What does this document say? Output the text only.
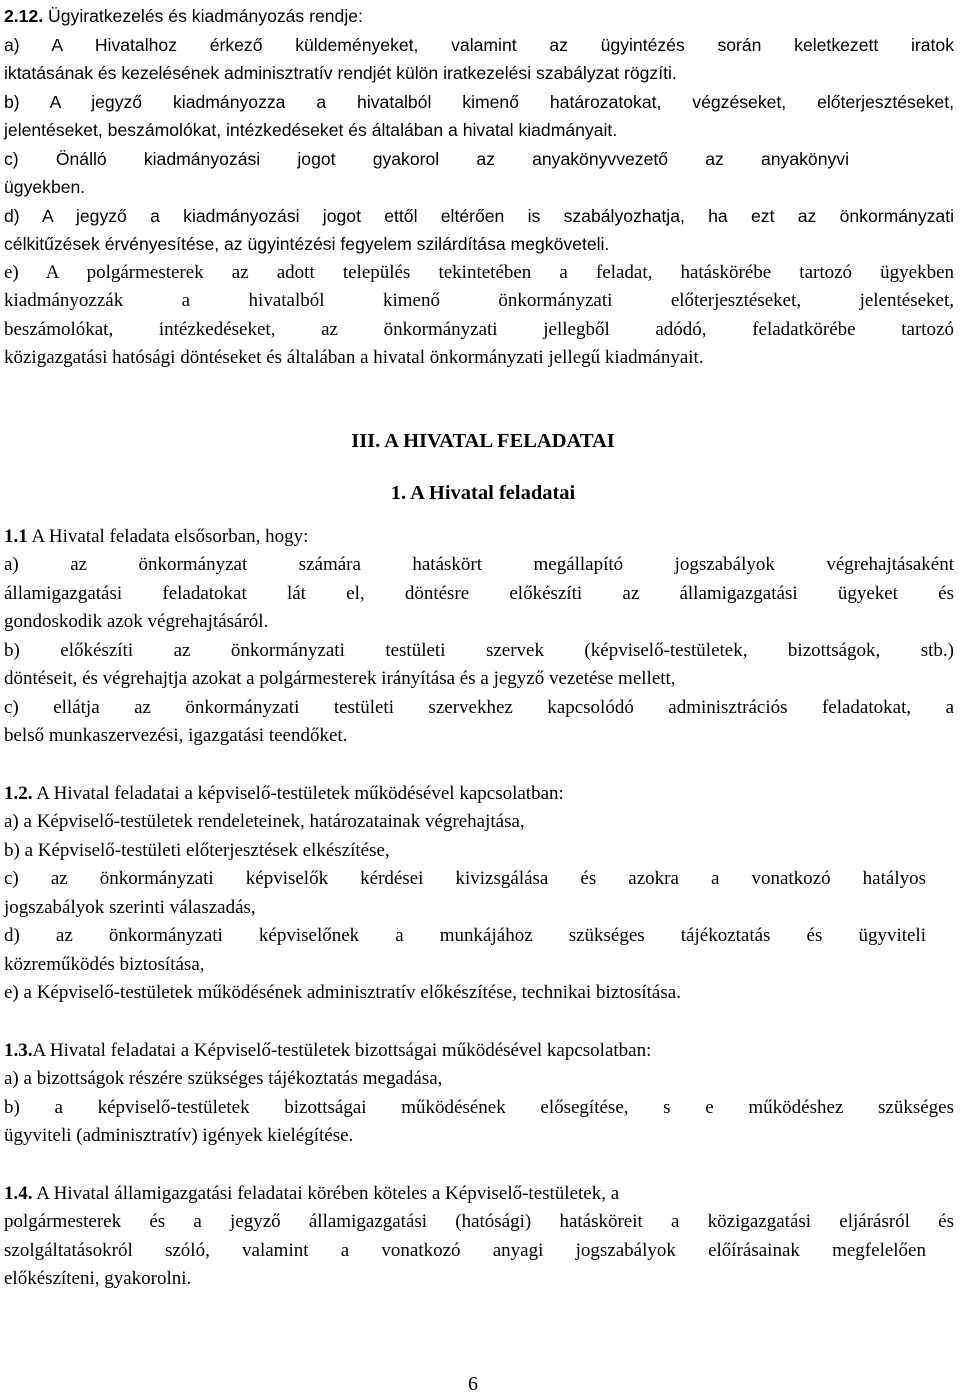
2.12. Ügyiratkezelés és kiadmányozás rendje:

a) A Hivatalhoz érkező küldeményeket, valamint az ügyintézés során keletkezett iratok

iktatásának és kezelésének adminisztratív rendjét külön iratkezelési szabályzat rögzíti.

b) A jegyző kiadmányozza a hivatalból kimenő határozatokat, végzéseket, előterjesztéseket,

jelentéseket, beszámolókat, intézkedéseket és általában a hivatal kiadmányait.

c) Önálló kiadmányozási jogot gyakorol az anyakönyvvezető az anyakönyvi

ügyekben.

d) A jegyző a kiadmányozási jogot ettől eltérően is szabályozhatja, ha ezt az önkormányzati

célkitűzések érvényesítése, az ügyintézési fegyelem szilárdítása megköveteli.

e) A polgármesterek az adott település tekintetében a feladat, hatáskörébe tartozó ügyekben

kiadmányozzák a hivatalból kimenő önkormányzati előterjesztéseket, jelentéseket,

beszámolókat, intézkedéseket, az önkormányzati jellegből adódó, feladatkörébe tartozó

közigazgatási hatósági döntéseket és általában a hivatal önkormányzati jellegű kiadmányait.

III. A HIVATAL FELADATAI
1. A Hivatal feladatai

1.1 A Hivatal feladata elsősorban, hogy:

a) az önkormányzat számára hatáskört megállapító jogszabályok végrehajtásaként

államigazgatási feladatokat lát el, döntésre előkészíti az államigazgatási ügyeket és

gondoskodik azok végrehajtásáról.

b) előkészíti az önkormányzati testületi szervek (képviselő-testületek, bizottságok, stb.)

döntéseit, és végrehajtja azokat a polgármesterek irányítása és a jegyző vezetése mellett,

c) ellátja az önkormányzati testületi szervekhez kapcsolódó adminisztrációs feladatokat, a

belső munkaszervezési, igazgatási teendőket.

1.2. A Hivatal feladatai a képviselő-testületek működésével kapcsolatban:

a) a Képviselő-testületek rendeleteinek, határozatainak végrehajtása,

b) a Képviselő-testületi előterjesztések elkészítése,

c) az önkormányzati képviselők kérdései kivizsgálása és azokra a vonatkozó hatályos

jogszabályok szerinti válaszadás,

d) az önkormányzati képviselőnek a munkájához szükséges tájékoztatás és ügyviteli

közreműködés biztosítása,

e) a Képviselő-testületek működésének adminisztratív előkészítése, technikai biztosítása.

1.3.A Hivatal feladatai a Képviselő-testületek bizottságai működésével kapcsolatban:

a) a bizottságok részére szükséges tájékoztatás megadása,

b) a képviselő-testületek bizottságai működésének elősegítése, s e működéshez szükséges

ügyviteli (adminisztratív) igények kielégítése.

1.4. A Hivatal államigazgatási feladatai körében köteles a Képviselő-testületek, a

polgármesterek és a jegyző államigazgatási (hatósági) hatásköreit a közigazgatási eljárásról és

szolgáltatásokról szóló, valamint a vonatkozó anyagi jogszabályok előírásainak megfelelően

előkészíteni, gyakorolni.

6
